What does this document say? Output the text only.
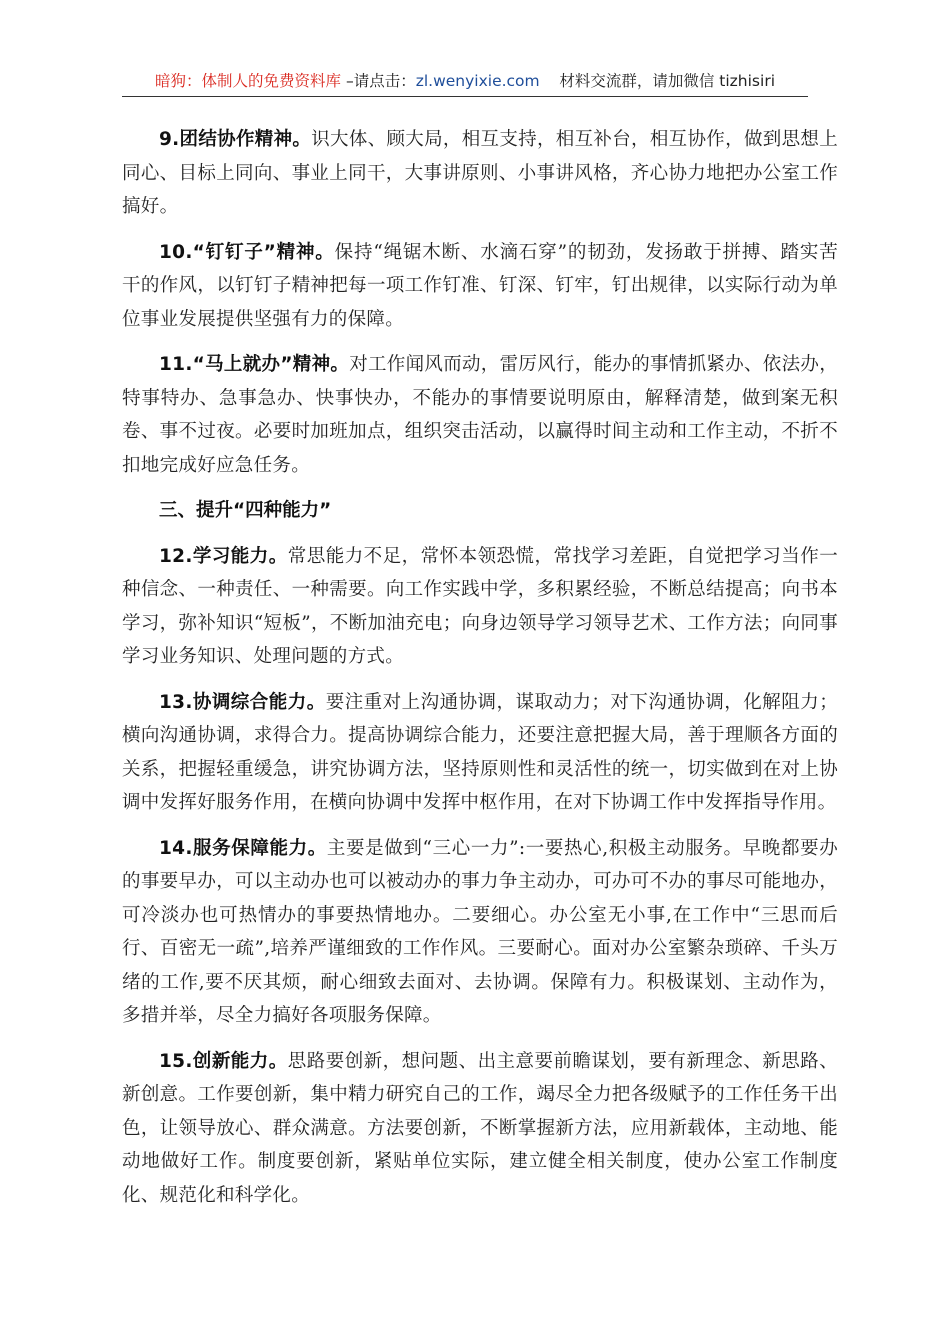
暗狗：体制人的免费资料库 –请点击：zl.wenyixie.com 材料交流群，请加微信 tizhisiri

9.团结协作精神。识大体、顾大局，相互支持，相互补台，相互协作，做到思想上同心、目标上同向、事业上同干，大事讲原则、小事讲风格，齐心协力地把办公室工作搞好。

10.“钉钉子”精神。保持“绳锯木断、水滴石穿”的韧劲，发扬敢于拼搏、踏实苦干的作风，以钉钉子精神把每一项工作钉准、钉深、钉牢，钉出规律，以实际行动为单位事业发展提供坚强有力的保障。

11.“马上就办”精神。对工作闻风而动，雷厉风行，能办的事情抓紧办、依法办，特事特办、急事急办、快事快办，不能办的事情要说明原由，解释清楚，做到案无积卷、事不过夜。必要时加班加点，组织突击活动，以赢得时间主动和工作主动，不折不扣地完成好应急任务。

三、提升“四种能力”

12.学习能力。常思能力不足，常怀本领恐慌，常找学习差距，自觉把学习当作一种信念、一种责任、一种需要。向工作实践中学，多积累经验，不断总结提高；向书本学习，弥补知识“短板”，不断加油充电；向身边领导学习领导艺术、工作方法；向同事学习业务知识、处理问题的方式。

13.协调综合能力。要注重对上沟通协调，谋取动力；对下沟通协调，化解阻力；横向沟通协调，求得合力。提高协调综合能力，还要注意把握大局，善于理顺各方面的关系，把握轻重缓急，讲究协调方法，坚持原则性和灵活性的统一，切实做到在对上协调中发挥好服务作用，在横向协调中发挥中枢作用，在对下协调工作中发挥指导作用。

14.服务保障能力。主要是做到“三心一力”:一要热心,积极主动服务。早晚都要办的事要早办，可以主动办也可以被动办的事力争主动办，可办可不办的事尽可能地办，可冷淡办也可热情办的事要热情地办。二要细心。办公室无小事,在工作中“三思而后行、百密无一疏”,培养严谨细致的工作作风。三要耐心。面对办公室繁杂琐碎、千头万绪的工作,要不厌其烦，耐心细致去面对、去协调。保障有力。积极谋划、主动作为，多措并举，尽全力搞好各项服务保障。

15.创新能力。思路要创新，想问题、出主意要前瞻谋划，要有新理念、新思路、新创意。工作要创新，集中精力研究自己的工作，竭尽全力把各级赋予的工作任务干出色，让领导放心、群众满意。方法要创新，不断掌握新方法，应用新载体，主动地、能动地做好工作。制度要创新，紧贴单位实际，建立健全相关制度，使办公室工作制度化、规范化和科学化。
